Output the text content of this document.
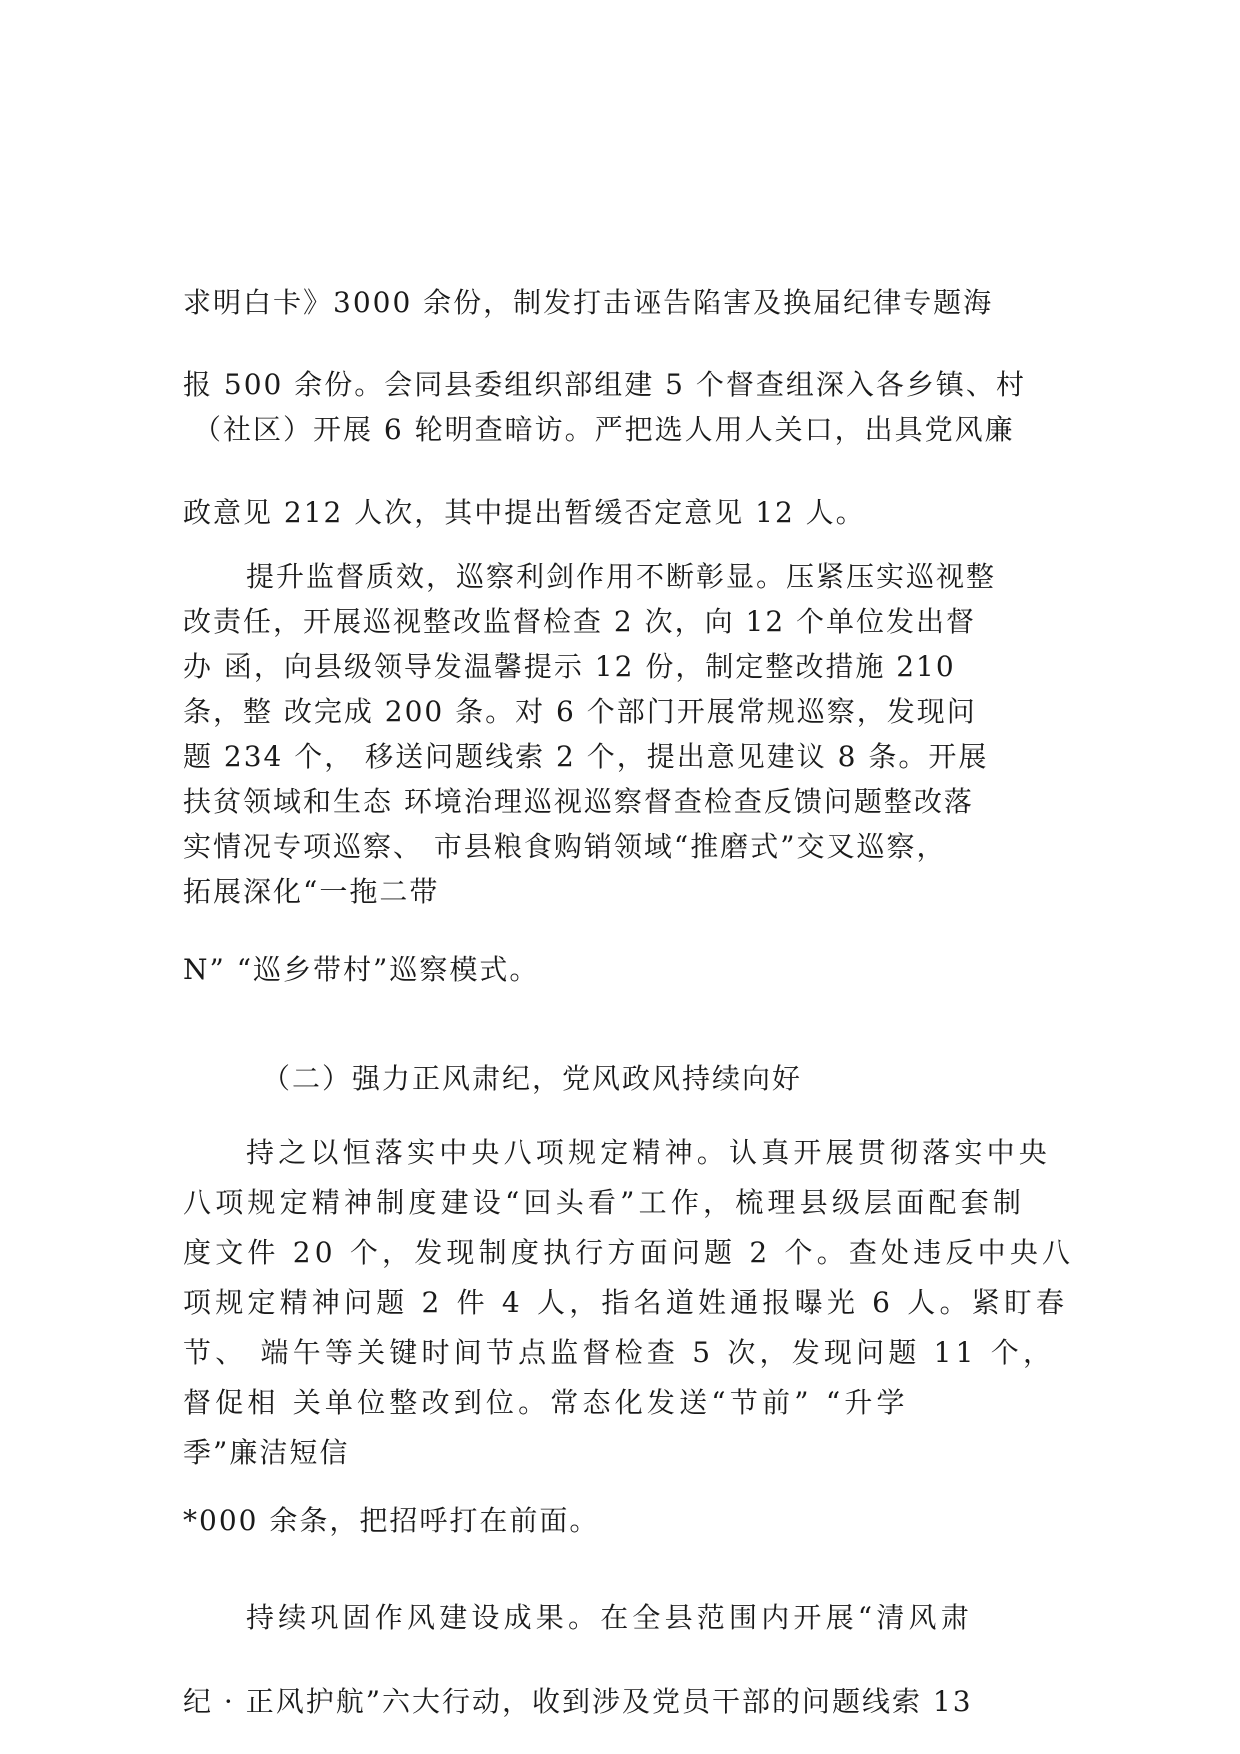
求明白卡》3000 余份，制发打击诬告陷害及换届纪律专题海
报 500 余份。会同县委组织部组建 5 个督查组深入各乡镇、村
（社区）开展 6 轮明查暗访。严把选人用人关口，出具党风廉
政意见 212 人次，其中提出暂缓否定意见 12 人。
提升监督质效，巡察利剑作用不断彰显。压紧压实巡视整
改责任，开展巡视整改监督检查 2 次，向 12 个单位发出督
办 函，向县级领导发温馨提示 12 份，制定整改措施 210
条，整 改完成 200 条。对 6 个部门开展常规巡察，发现问
题 234 个， 移送问题线索 2 个，提出意见建议 8 条。开展
扶贫领域和生态 环境治理巡视巡察督查检查反馈问题整改落
实情况专项巡察、 市县粮食购销领域“推磨式”交叉巡察，
拓展深化“一拖二带
N” “巡乡带村”巡察模式。
（二）强力正风肃纪，党风政风持续向好
持之以恒落实中央八项规定精神。认真开展贯彻落实中央
八项规定精神制度建设“回头看”工作，梳理县级层面配套制
度文件 20 个，发现制度执行方面问题 2 个。查处违反中央八
项规定精神问题 2 件 4 人，指名道姓通报曝光 6 人。紧盯春
节、 端午等关键时间节点监督检查 5 次，发现问题 11 个，
督促相 关单位整改到位。常态化发送“节前” “升学
季”廉洁短信
*000 余条，把招呼打在前面。
持续巩固作风建设成果。在全县范围内开展“清风肃
纪 · 正风护航”六大行动，收到涉及党员干部的问题线索 13
